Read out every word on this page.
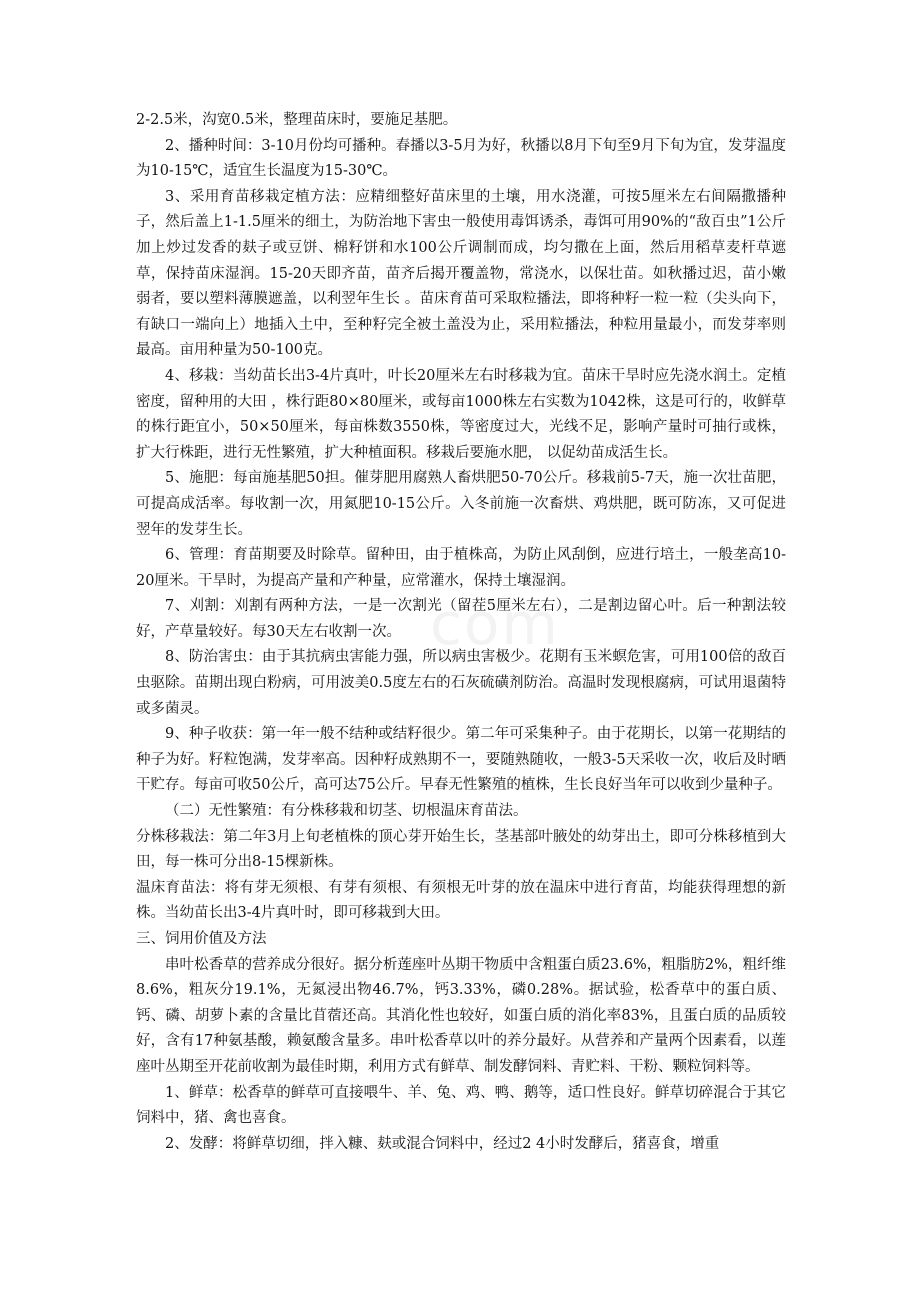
com

2-2.5米，沟宽0.5米，整理苗床时，要施足基肥。

2、播种时间：3-10月份均可播种。春播以3-5月为好，秋播以8月下旬至9月下旬为宜，发芽温度为10-15℃，适宜生长温度为15-30℃。

3、采用育苗移栽定植方法：应精细整好苗床里的土壤，用水浇灌，可按5厘米左右间隔撒播种子，然后盖上1-1.5厘米的细土，为防治地下害虫一般使用毒饵诱杀，毒饵可用90%的“敌百虫”1公斤加上炒过发香的麸子或豆饼、棉籽饼和水100公斤调制而成，均匀撒在上面，然后用稻草麦杆草遮草，保持苗床湿润。15-20天即齐苗，苗齐后揭开覆盖物，常浇水，以保壮苗。如秋播过迟，苗小嫩弱者，要以塑料薄膜遮盖，以利翌年生长 。苗床育苗可采取粒播法，即将种籽一粒一粒（尖头向下，有缺口一端向上）地插入土中，至种籽完全被土盖没为止，采用粒播法，种粒用量最小，而发芽率则最高。亩用种量为50-100克。

4、移栽：当幼苗长出3-4片真叶，叶长20厘米左右时移栽为宜。苗床干旱时应先浇水润土。定植密度，留种用的大田 ，株行距80×80厘米，或每亩1000株左右实数为1042株，这是可行的，收鲜草的株行距宜小，50×50厘米，每亩株数3550株，等密度过大，光线不足，影响产量时可抽行或株，扩大行株距，进行无性繁殖，扩大种植面积。移栽后要施水肥， 以促幼苗成活生长。

5、施肥：每亩施基肥50担。催芽肥用腐熟人畜烘肥50-70公斤。移栽前5-7天，施一次壮苗肥，可提高成活率。每收割一次，用氮肥10-15公斤。入冬前施一次畜烘、鸡烘肥，既可防冻，又可促进翌年的发芽生长。

6、管理：育苗期要及时除草。留种田，由于植株高，为防止风刮倒，应进行培土，一般垄高10-20厘米。干旱时，为提高产量和产种量，应常灌水，保持土壤湿润。

7、刈割：刈割有两种方法，一是一次割光（留茬5厘米左右），二是割边留心叶。后一种割法较好，产草量较好。每30天左右收割一次。

8、防治害虫：由于其抗病虫害能力强，所以病虫害极少。花期有玉米螟危害，可用100倍的敌百虫驱除。苗期出现白粉病，可用波美0.5度左右的石灰硫磺剂防治。高温时发现根腐病，可试用退菌特或多菌灵。

9、种子收获：第一年一般不结种或结籽很少。第二年可采集种子。由于花期长，以第一花期结的种子为好。籽粒饱满，发芽率高。因种籽成熟期不一，要随熟随收，一般3-5天采收一次，收后及时晒干贮存。每亩可收50公斤，高可达75公斤。早春无性繁殖的植株，生长良好当年可以收到少量种子。

（二）无性繁殖：有分株移栽和切茎、切根温床育苗法。

分株移栽法：第二年3月上旬老植株的顶心芽开始生长，茎基部叶腋处的幼芽出土，即可分株移植到大田，每一株可分出8-15棵新株。

温床育苗法：将有芽无须根、有芽有须根、有须根无叶芽的放在温床中进行育苗，均能获得理想的新株。当幼苗长出3-4片真叶时，即可移栽到大田。

三、饲用价值及方法

串叶松香草的营养成分很好。据分析莲座叶丛期干物质中含粗蛋白质23.6%，粗脂肪2%，粗纤维8.6%，粗灰分19.1%，无氮浸出物46.7%，钙3.33%，磷0.28%。据试验，松香草中的蛋白质、钙、磷、胡萝卜素的含量比苜蓿还高。其消化性也较好，如蛋白质的消化率83%，且蛋白质的品质较好，含有17种氨基酸，赖氨酸含量多。串叶松香草以叶的养分最好。从营养和产量两个因素看，以莲座叶丛期至开花前收割为最佳时期，利用方式有鲜草、制发酵饲料、青贮料、干粉、颗粒饲料等。

1、鲜草：松香草的鲜草可直接喂牛、羊、兔、鸡、鸭、鹅等，适口性良好。鲜草切碎混合于其它饲料中，猪、禽也喜食。

2、发酵：将鲜草切细，拌入糠、麸或混合饲料中，经过2 4小时发酵后，猪喜食，增重
